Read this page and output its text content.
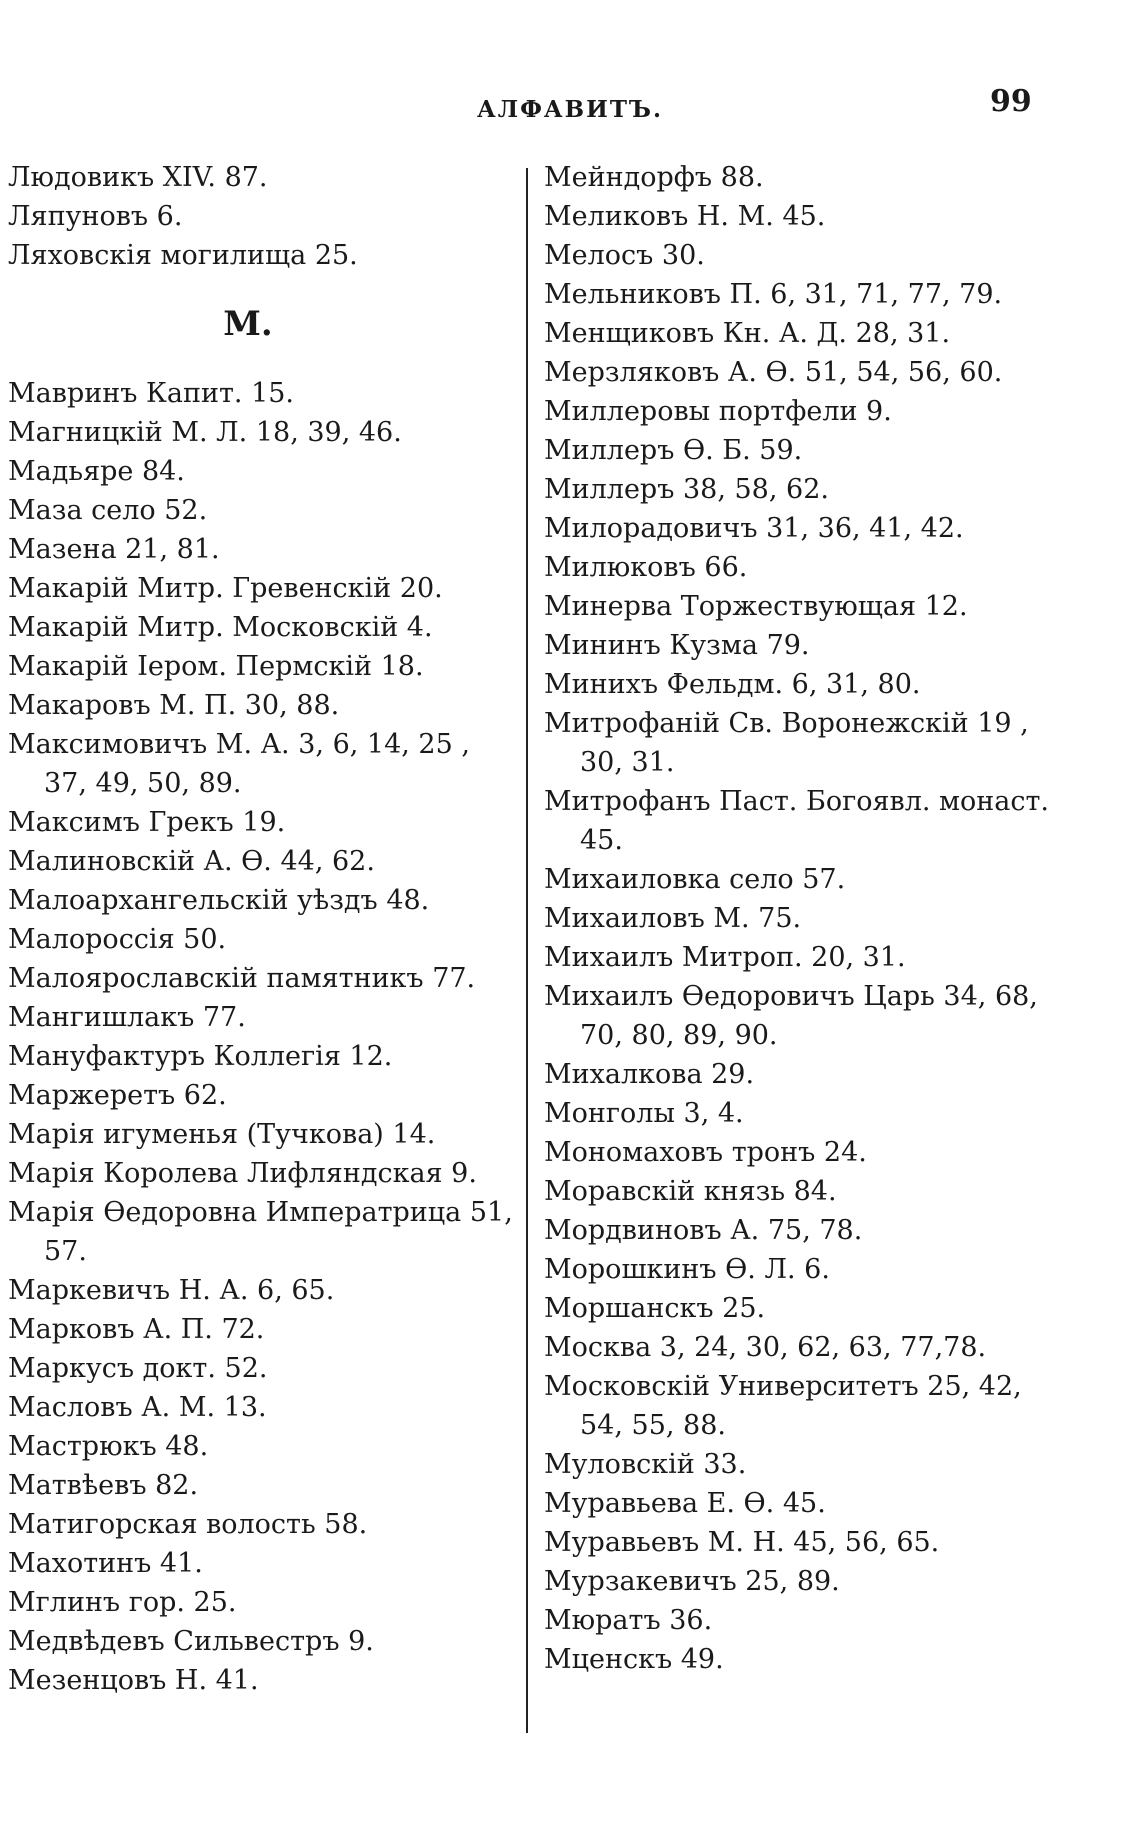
АЛФАВИТЪ.	99
Людовикъ XIV. 87.
Ляпуновъ 6.
Ляховскія могилища 25.
М.
Мавринъ Капит. 15.
Магницкій М. Л. 18, 39, 46.
Мадьяре 84.
Маза село 52.
Мазена 21, 81.
Макарій Митр. Гревенскій 20.
Макарій Митр. Московскій 4.
Макарій Iером. Пермскій 18.
Макаровъ М. П. 30, 88.
Максимовичъ М. А. 3, 6, 14, 25 ,
37, 49, 50, 89.
Максимъ Грекъ 19.
Малиновскій А. Ѳ. 44, 62.
Малоархангельскій уѣздъ 48.
Малороссія 50.
Малоярославскій памятникъ 77.
Мангишлакъ 77.
Мануфактуръ Коллегія 12.
Маржеретъ 62.
Марія игуменья (Тучкова) 14.
Марія Королева Лифляндская 9.
Марія Ѳедоровна Императрица 51,
57.
Маркевичъ Н. А. 6, 65.
Марковъ А. П. 72.
Маркусъ докт. 52.
Масловъ А. М. 13.
Мастрюкъ 48.
Матвѣевъ 82.
Матигорская волость 58.
Махотинъ 41.
Мглинъ гор. 25.
Медвѣдевъ Сильвестръ 9.
Мезенцовъ Н. 41.
Мейндорфъ 88.
Меликовъ Н. М. 45.
Мелосъ 30.
Мельниковъ П. 6, 31, 71, 77, 79.
Менщиковъ Кн. А. Д. 28, 31.
Мерзляковъ А. Ѳ. 51, 54, 56, 60.
Миллеровы портфели 9.
Миллеръ Ѳ. Б. 59.
Миллеръ 38, 58, 62.
Милорадовичъ 31, 36, 41, 42.
Милюковъ 66.
Минерва Торжествующая 12.
Мининъ Кузма 79.
Минихъ Фельдм. 6, 31, 80.
Митрофаній Св. Воронежскій 19 ,
30, 31.
Митрофанъ Паст. Богоявл. монаст.
45.
Михаиловка село 57.
Михаиловъ М. 75.
Михаилъ Митроп. 20, 31.
Михаилъ Ѳедоровичъ Царь 34, 68,
70, 80, 89, 90.
Михалкова 29.
Монголы 3, 4.
Мономаховъ тронъ 24.
Моравскій князь 84.
Мордвиновъ А. 75, 78.
Морошкинъ Ѳ. Л. 6.
Моршанскъ 25.
Москва 3, 24, 30, 62, 63, 77,78.
Московскій Университетъ 25, 42,
54, 55, 88.
Муловскій 33.
Муравьева Е. Ѳ. 45.
Муравьевъ М. Н. 45, 56, 65.
Мурзакевичъ 25, 89.
Мюратъ 36.
Мценскъ 49.
